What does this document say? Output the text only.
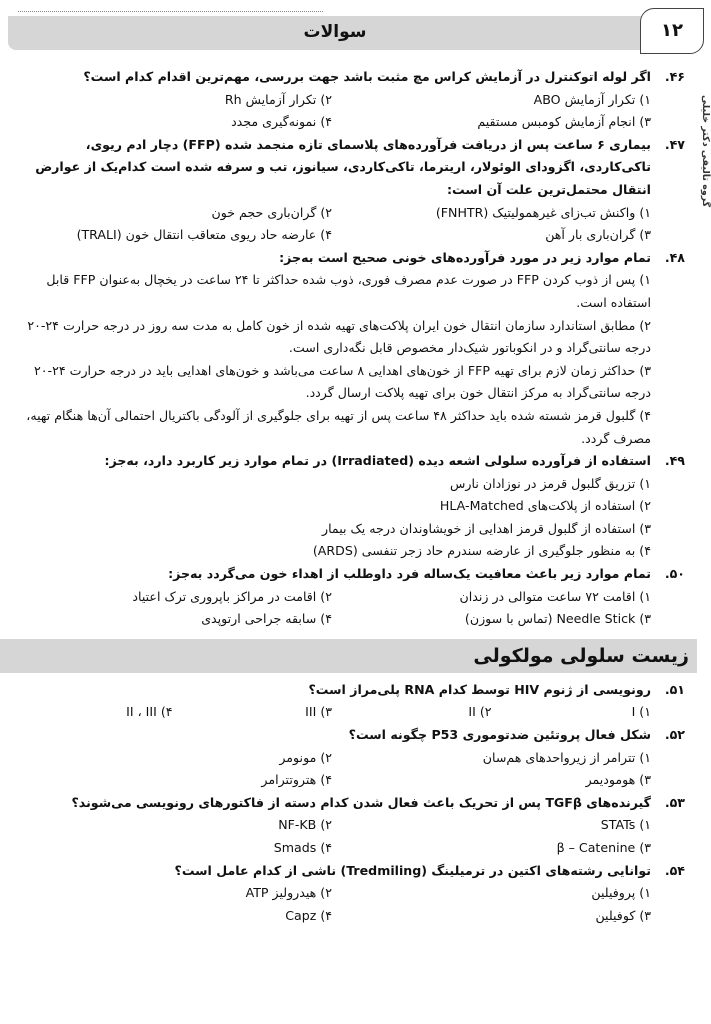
سوالات	۱۲
گروه تألیفی دکتر خلیلی
۴۶.
اگر لوله اتوکنترل در آزمایش کراس مچ مثبت باشد جهت بررسی، مهم‌ترین اقدام کدام است؟
۱) تکرار آزمایش ABO
۲) تکرار آزمایش Rh
۳) انجام آزمایش کومبس مستقیم
۴) نمونه‌گیری مجدد
۴۷.
بیماری ۶ ساعت پس از دریافت فرآورده‌های پلاسمای تازه منجمد شده (FFP) دچار ادم ریوی، تاکی‌کاردی، اگزودای الوئولار، اریترما، تاکی‌کاردی، سیانوز، تب و سرفه شده است کدام‌یک از عوارض انتقال محتمل‌ترین علت آن است:
۱) واکنش تب‌زای غیرهمولیتیک (FNHTR)
۲) گران‌باری حجم خون
۳) گران‌باری بار آهن
۴) عارضه حاد ریوی متعاقب انتقال خون (TRALI)
۴۸.
تمام موارد زیر در مورد فرآورده‌های خونی صحیح است به‌جز:
۱) پس از ذوب کردن FFP در صورت عدم مصرف فوری، ذوب شده حداکثر تا ۲۴ ساعت در یخچال به‌عنوان FFP قابل استفاده است.
۲) مطابق استاندارد سازمان انتقال خون ایران پلاکت‌های تهیه شده از خون کامل به مدت سه روز در درجه حرارت ۲۴-۲۰ درجه سانتی‌گراد و در انکوباتور شیک‌دار مخصوص قابل نگه‌داری است.
۳) حداکثر زمان لازم برای تهیه FFP از خون‌های اهدایی ۸ ساعت می‌باشد و خون‌های اهدایی باید در درجه حرارت ۲۴-۲۰ درجه سانتی‌گراد به مرکز انتقال خون برای تهیه پلاکت ارسال گردد.
۴) گلبول قرمز شسته شده باید حداکثر ۴۸ ساعت پس از تهیه برای جلوگیری از آلودگی باکتریال احتمالی آن‌ها هنگام تهیه، مصرف گردد.
۴۹.
استفاده از فرآورده سلولی اشعه دیده (Irradiated) در تمام موارد زیر کاربرد دارد، به‌جز:
۱) تزریق گلبول قرمز در نوزادان نارس
۲) استفاده از پلاکت‌های HLA-Matched
۳) استفاده از گلبول قرمز اهدایی از خویشاوندان درجه یک بیمار
۴) به منظور جلوگیری از عارضه سندرم حاد زجر تنفسی (ARDS)
۵۰.
تمام موارد زیر باعث معافیت یک‌ساله فرد داوطلب از اهداء خون می‌گردد به‌جز:
۱) اقامت ۷۲ ساعت متوالی در زندان
۲) اقامت در مراکز باپروری ترک اعتیاد
۳) Needle Stick (تماس با سوزن)
۴) سابقه جراحی ارتوپدی
زیست سلولی مولکولی
۵۱.
رونویسی از ژنوم HIV توسط کدام RNA پلی‌مراز است؟
I (۱
II (۲
III (۳
II ، III (۴
۵۲.
شکل فعال پروتئین ضدتوموری P53 چگونه است؟
۱) تترامر از زیرواحدهای هم‌سان
۲) مونومر
۳) هومودیمر
۴) هتروتترامر
۵۳.
گیرنده‌های TGFβ پس از تحریک باعث فعال شدن کدام دسته از فاکتورهای رونویسی می‌شوند؟
STATs (۱
NF-KB (۲
β – Catenine (۳
Smads (۴
۵۴.
توانایی رشته‌های اکتین در ترمیلینگ (Tredmiling) ناشی از کدام عامل است؟
۱) پروفیلین
۲) هیدرولیز ATP
۳) کوفیلین
۴) Capz
